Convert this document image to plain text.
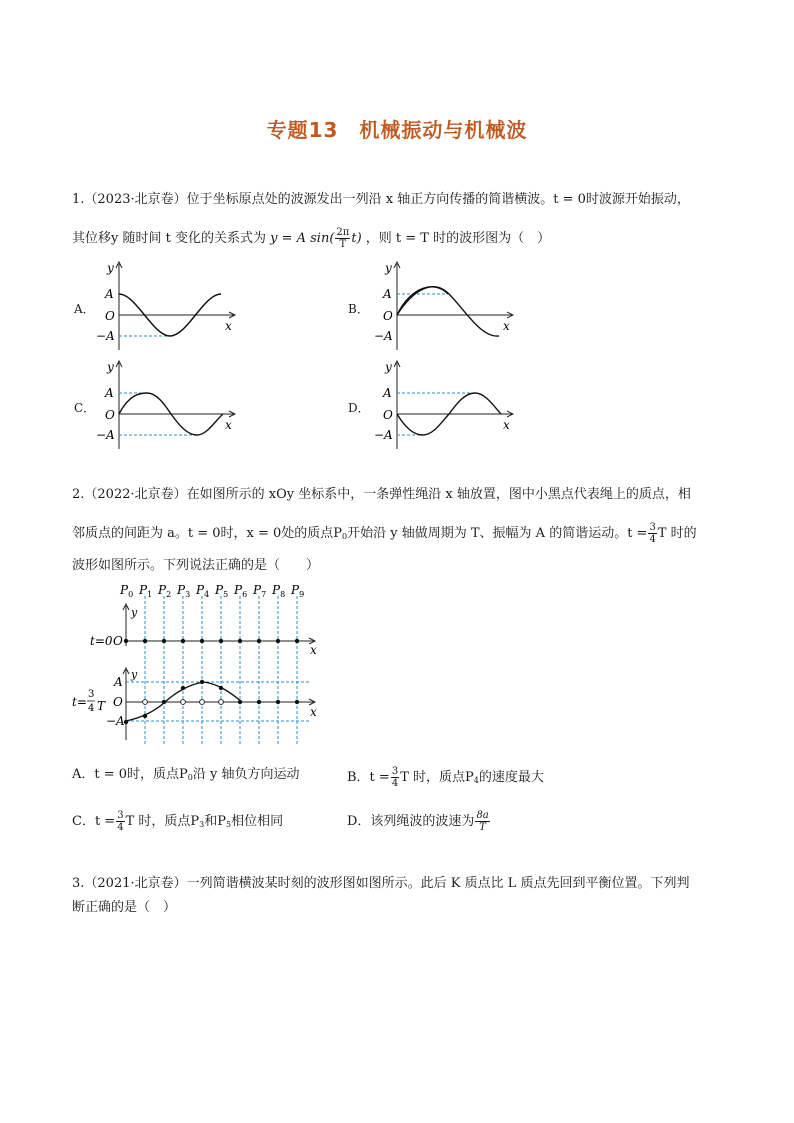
专题13　机械振动与机械波
1.（2023·北京卷）位于坐标原点处的波源发出一列沿 x 轴正方向传播的简谐横波。t = 0时波源开始振动，
其位移y 随时间 t 变化的关系式为 y = A $\sin( \frac{2\pi}{T} t)$ ，则 t = T 时的波形图为（　）
A．	B．
C．	D．
y
A
O
−A
x
y
A
O
−A
x
y
A
O
−A
x
y
A
O
−A
x
2.（2022·北京卷）在如图所示的 xOy 坐标系中，一条弹性绳沿 x 轴放置，图中小黑点代表绳上的质点，相
邻质点的间距为 a。t = 0时，x = 0处的质点$P_0$开始沿 y 轴做周期为 T、振幅为 A 的简谐运动。$t = \frac{3}{4}$ T 时的
波形如图所示。下列说法正确的是（　　）
$P_0$ $P_1$ $P_2$ $P_3$ $P_4$ $P_5$ $P_6$ $P_7$ $P_8$ $P_9$
y
t=0 O
x
y
A
O
−A
x
t=
3
4 T
A．t = 0时，质点$P_0$沿 y 轴负方向运动	B．$t = \frac{3}{4}$ T 时，质点$P_4$的速度最大
C．$t = \frac{3}{4}$ T 时，质点$P_3$和$P_5$相位相同	D．该列绳波的波速为 $\frac{8a}{T}$
3.（2021·北京卷）一列简谐横波某时刻的波形图如图所示。此后 K 质点比 L 质点先回到平衡位置。下列判
断正确的是（　）
